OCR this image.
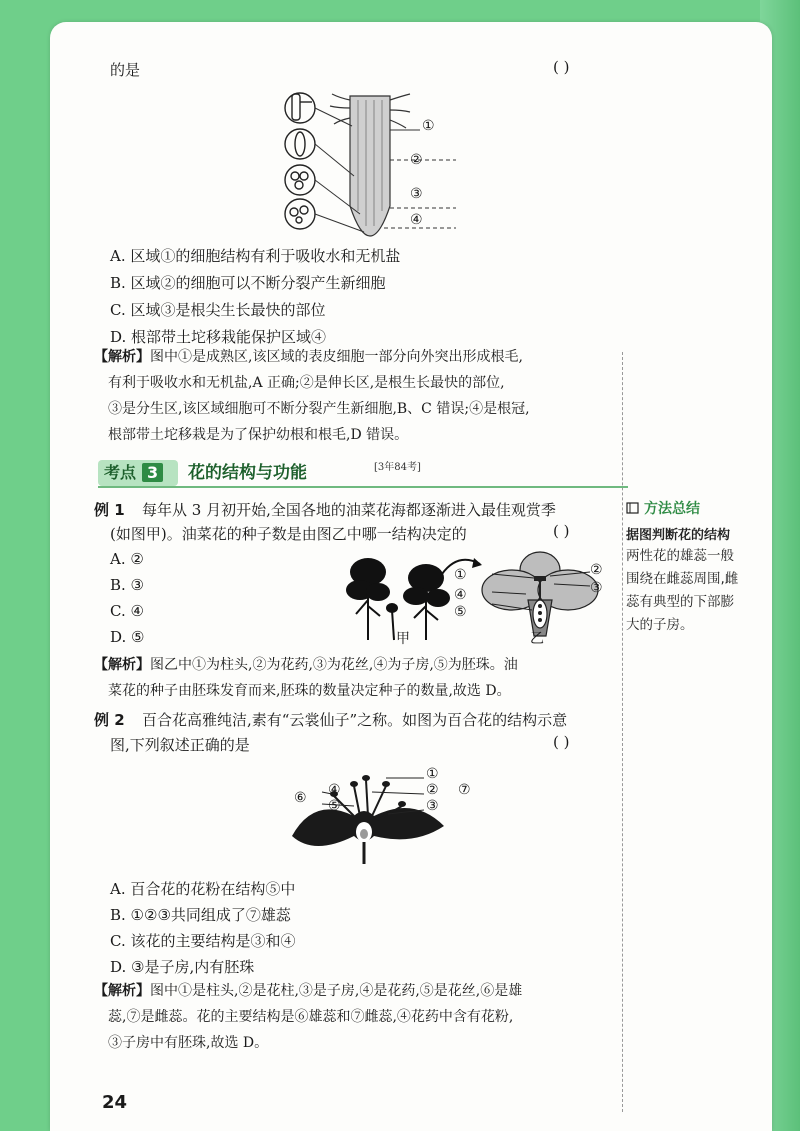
的是	( )
①
②
③
④
A. 区域①的细胞结构有利于吸收水和无机盐
B. 区域②的细胞可以不断分裂产生新细胞
C. 区域③是根尖生长最快的部位
D. 根部带土坨移栽能保护区域④
【解析】图中①是成熟区,该区域的表皮细胞一部分向外突出形成根毛,
有利于吸收水和无机盐,A 正确;②是伸长区,是根生长最快的部位,
③是分生区,该区域细胞可不断分裂产生新细胞,B、C 错误;④是根冠,
根部带土坨移栽是为了保护幼根和根毛,D 错误。
考点 3	花的结构与功能	[3年84考]
例 1 每年从 3 月初开始,全国各地的油菜花海都逐渐进入最佳观赏季
(如图甲)。油菜花的种子数是由图乙中哪一结构决定的	( )
A. ②
B. ③
C. ④
D. ⑤	甲
①	②
③
④
⑤
乙
【解析】图乙中①为柱头,②为花药,③为花丝,④为子房,⑤为胚珠。油
菜花的种子由胚珠发育而来,胚珠的数量决定种子的数量,故选 D。
例 2 百合花高雅纯洁,素有“云裳仙子”之称。如图为百合花的结构示意
图,下列叙述正确的是	( )
④
⑤
⑥
①
②
③
⑦
A. 百合花的花粉在结构⑤中
B. ①②③共同组成了⑦雄蕊
C. 该花的主要结构是③和④
D. ③是子房,内有胚珠
【解析】图中①是柱头,②是花柱,③是子房,④是花药,⑤是花丝,⑥是雄
蕊,⑦是雌蕊。花的主要结构是⑥雄蕊和⑦雌蕊,④花药中含有花粉,
③子房中有胚珠,故选 D。
方法总结
据图判断花的结构
两性花的雄蕊一般
围绕在雌蕊周围,雌
蕊有典型的下部膨
大的子房。
24
